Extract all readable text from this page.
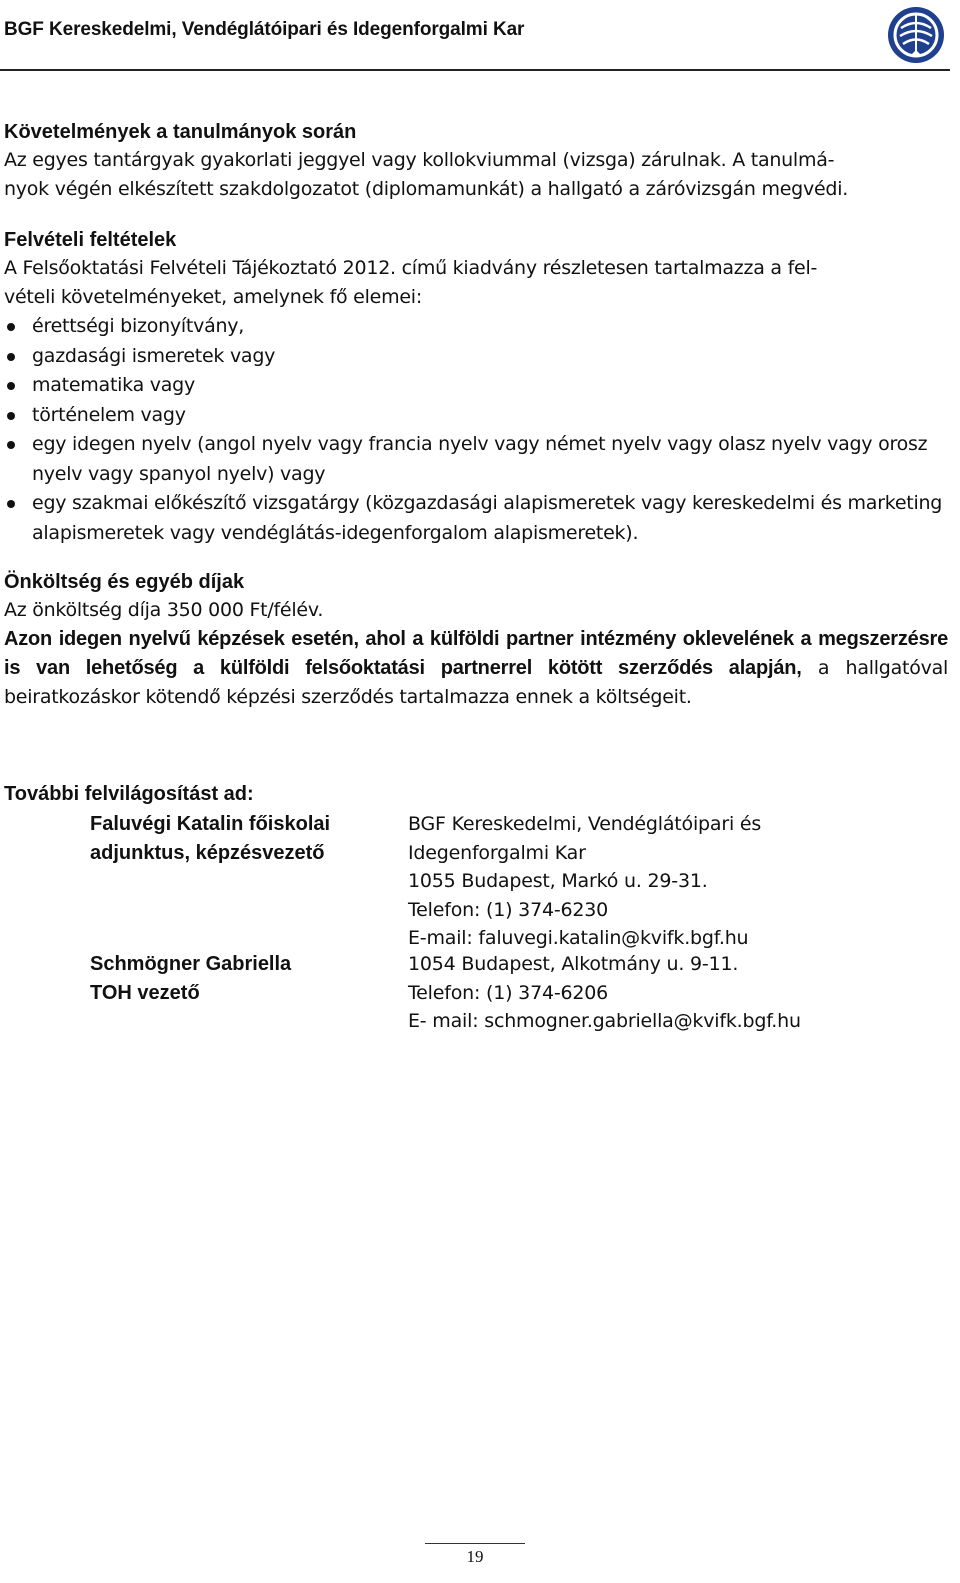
BGF Kereskedelmi, Vendéglátóipari és Idegenforgalmi Kar

Követelmények a tanulmányok során

Az egyes tantárgyak gyakorlati jeggyel vagy kollokviummal (vizsga) zárulnak. A tanulmá-

nyok végén elkészített szakdolgozatot (diplomamunkát) a hallgató a záróvizsgán megvédi.

Felvételi feltételek

A Felsőoktatási Felvételi Tájékoztató 2012. című kiadvány részletesen tartalmazza a fel-

vételi követelményeket, amelynek fő elemei:

érettségi bizonyítvány,
gazdasági ismeretek vagy
matematika vagy
történelem vagy
egy idegen nyelv (angol nyelv vagy francia nyelv vagy német nyelv vagy olasz nyelv vagy orosz nyelv vagy spanyol nyelv) vagy
egy szakmai előkészítő vizsgatárgy (közgazdasági alapismeretek vagy kereskedelmi és marketing alapismeretek vagy vendéglátás-idegenforgalom alapismeretek).

Önköltség és egyéb díjak

Az önköltség díja 350 000 Ft/félév.

Azon idegen nyelvű képzések esetén, ahol a külföldi partner intézmény oklevelének a megszerzésre is van lehetőség a külföldi felsőoktatási partnerrel kötött szerződés alapján, a hallgatóval beiratkozáskor kötendő képzési szerződés tartalmazza ennek a költségeit.

További felvilágosítást ad:
Faluvégi Katalin főiskolai
adjunktus, képzésvezető
BGF Kereskedelmi, Vendéglátóipari és
Idegenforgalmi Kar
1055 Budapest, Markó u. 29-31.
Telefon: (1) 374-6230
E-mail: faluvegi.katalin@kvifk.bgf.hu
Schmögner Gabriella
TOH vezető
1054 Budapest, Alkotmány u. 9-11.
Telefon: (1) 374-6206
E- mail: schmogner.gabriella@kvifk.bgf.hu
19
